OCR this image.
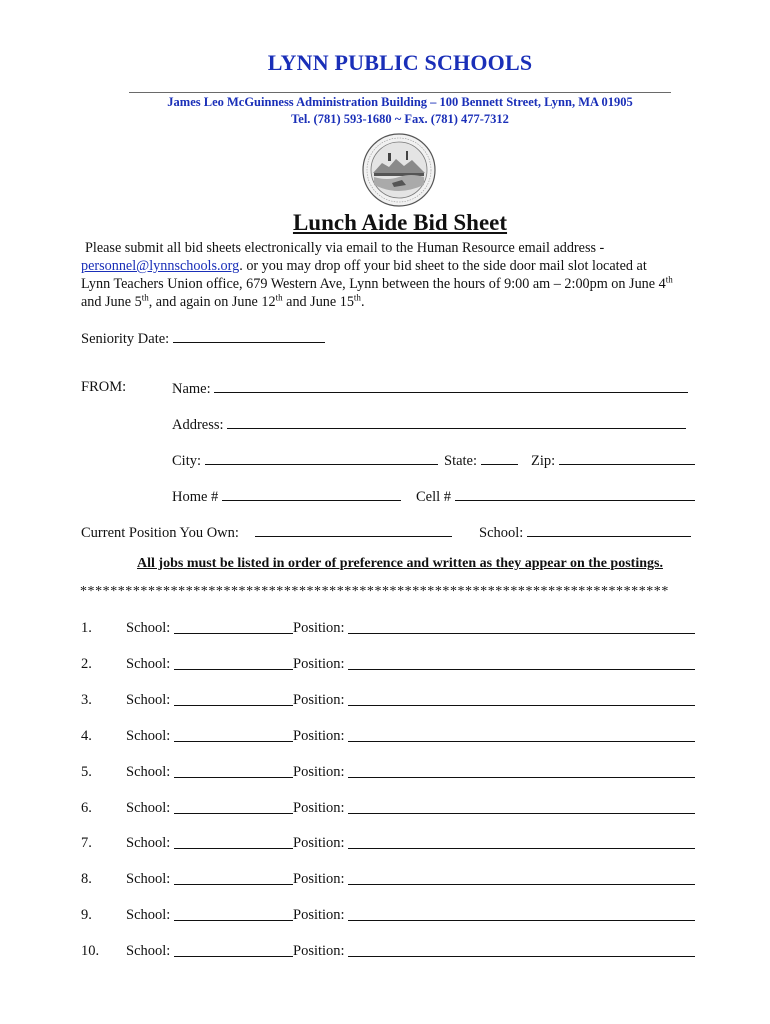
LYNN PUBLIC SCHOOLS
James Leo McGuinness Administration Building – 100 Bennett Street, Lynn, MA 01905
Tel. (781) 593-1680 ~ Fax. (781) 477-7312
Lunch Aide Bid Sheet
Please submit all bid sheets electronically via email to the Human Resource email address -
personnel@lynnschools.org. or you may drop off your bid sheet to the side door mail slot located at
Lynn Teachers Union office, 679 Western Ave, Lynn between the hours of 9:00 am – 2:00pm on June 4th
and June 5th, and again on June 12th and June 15th.
Seniority Date:
FROM:	Name:
Address:
City:	State:	Zip:
Home #	Cell #
Current Position You Own:	School:
All jobs must be listed in order of preference and written as they appear on the postings.
******************************************************************************
1. School:	Position:
2. School:	Position:
3. School:	Position:
4. School:	Position:
5. School:	Position:
6. School:	Position:
7. School:	Position:
8. School:	Position:
9. School:	Position:
10. School:	Position:
